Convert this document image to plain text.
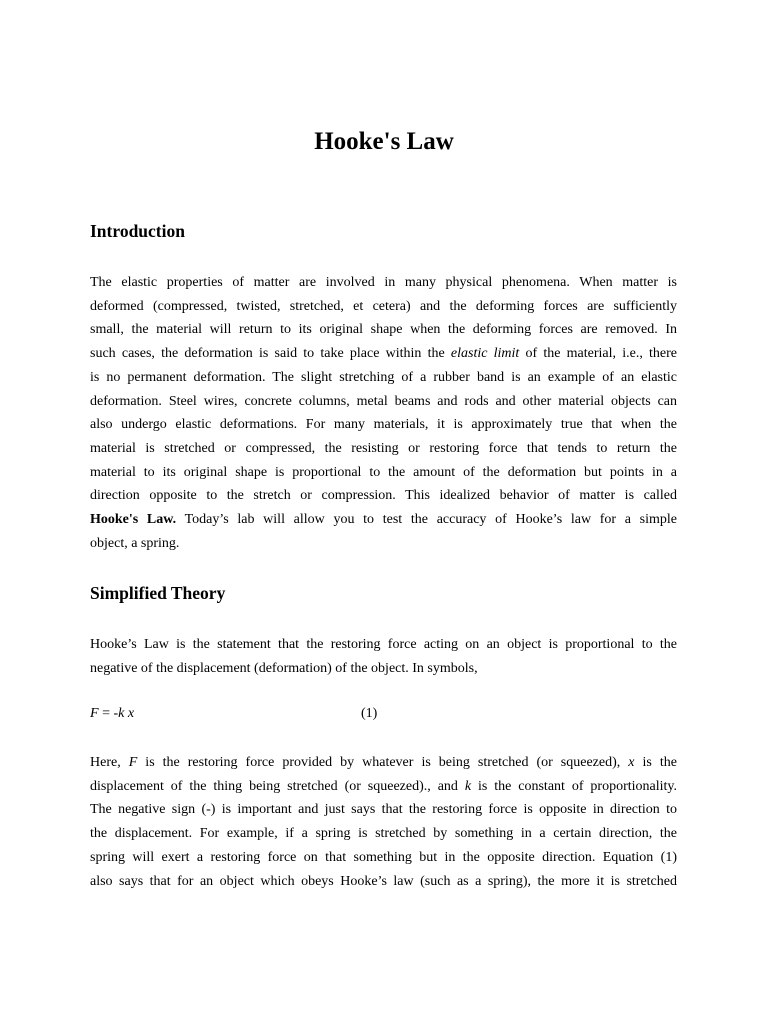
Hooke's Law
Introduction

The elastic properties of matter are involved in many physical phenomena. When matter is
deformed (compressed, twisted, stretched, et cetera) and the deforming forces are sufficiently
small, the material will return to its original shape when the deforming forces are removed. In
such cases, the deformation is said to take place within the elastic limit of the material, i.e., there
is no permanent deformation. The slight stretching of a rubber band is an example of an elastic
deformation. Steel wires, concrete columns, metal beams and rods and other material objects can
also undergo elastic deformations. For many materials, it is approximately true that when the
material is stretched or compressed, the resisting or restoring force that tends to return the
material to its original shape is proportional to the amount of the deformation but points in a
direction opposite to the stretch or compression. This idealized behavior of matter is called
Hooke's Law. Today’s lab will allow you to test the accuracy of Hooke’s law for a simple
object, a spring.

Simplified Theory

Hooke’s Law is the statement that the restoring force acting on an object is proportional to the
negative of the displacement (deformation) of the object. In symbols,

F = -k x	(1)

Here, F is the restoring force provided by whatever is being stretched (or squeezed), x is the
displacement of the thing being stretched (or squeezed)., and k is the constant of proportionality.
The negative sign (-) is important and just says that the restoring force is opposite in direction to
the displacement. For example, if a spring is stretched by something in a certain direction, the
spring will exert a restoring force on that something but in the opposite direction. Equation (1)
also says that for an object which obeys Hooke’s law (such as a spring), the more it is stretched
